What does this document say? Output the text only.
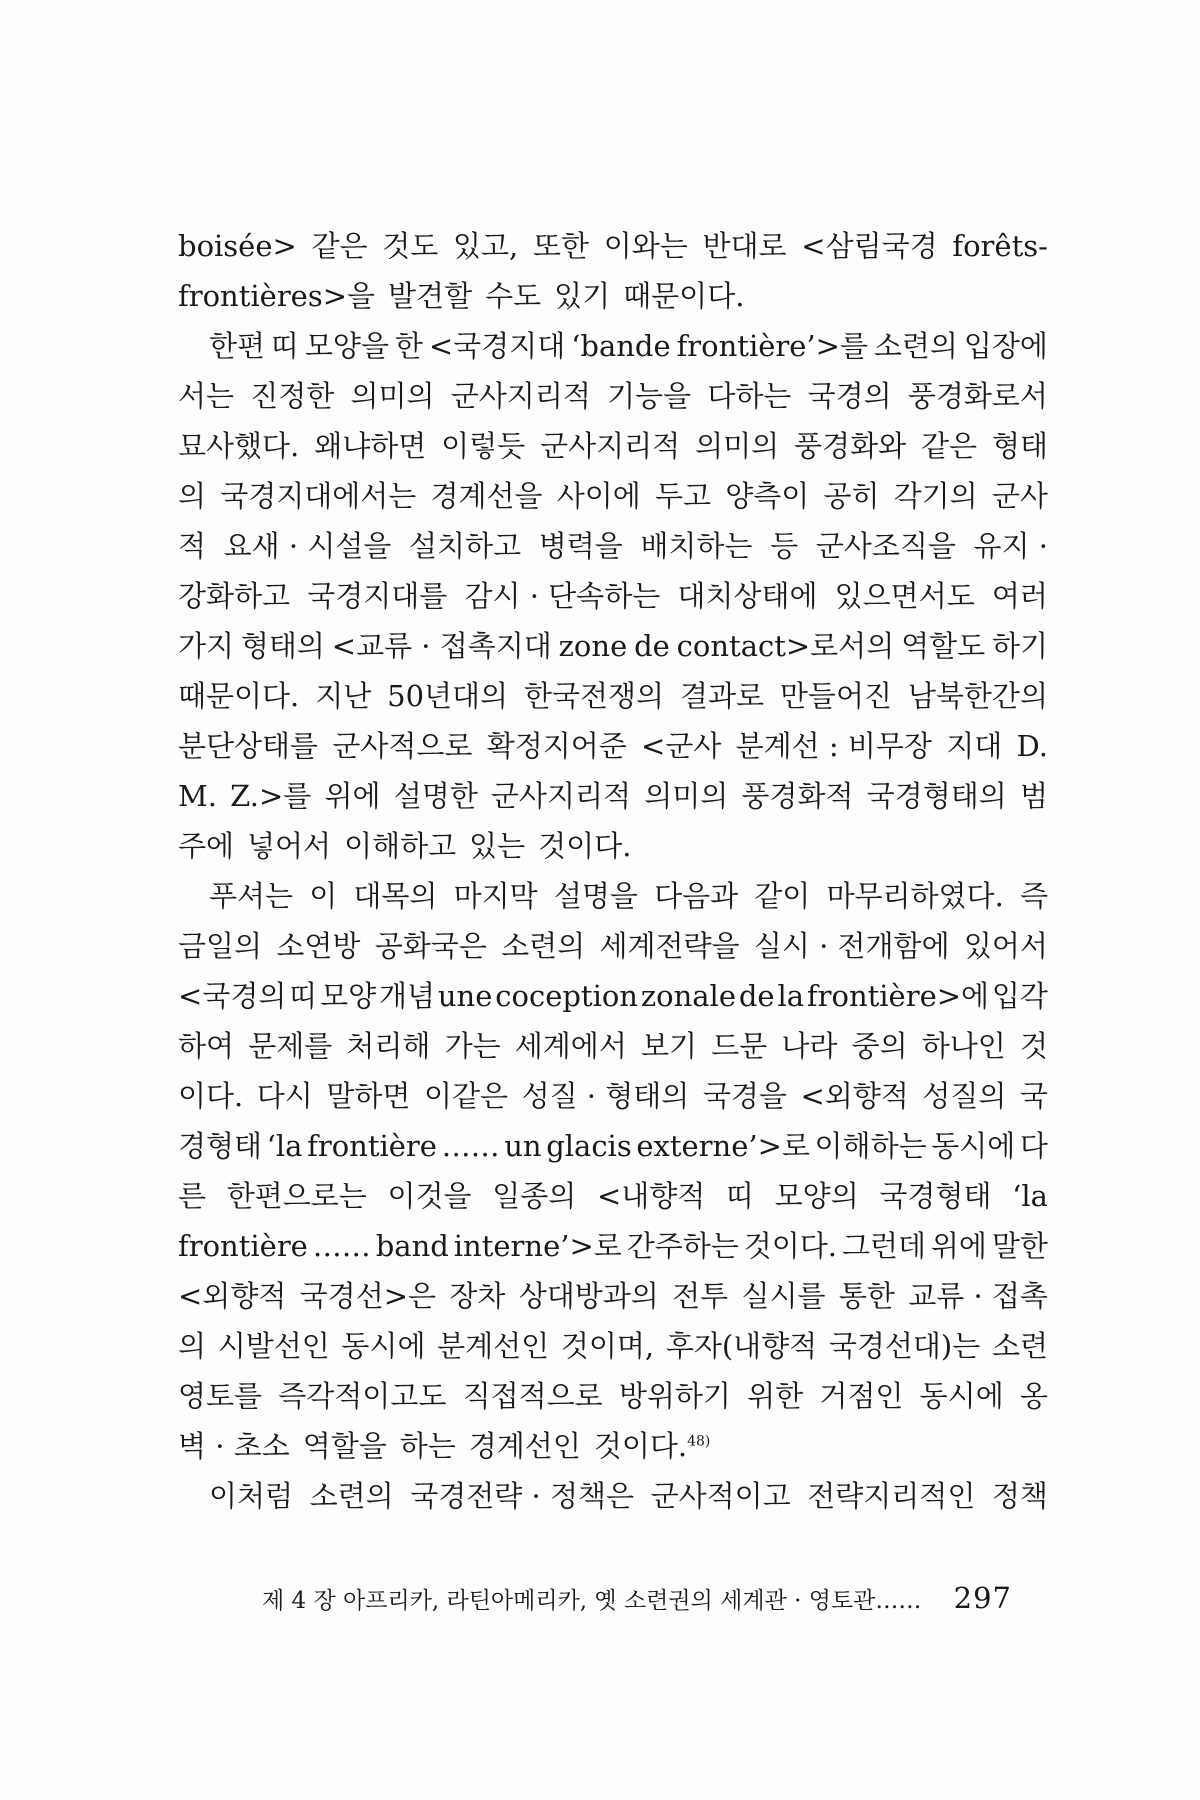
boisée> 같은 것도 있고, 또한 이와는 반대로 <삼림국경 forêts-
frontières>을 발견할 수도 있기 때문이다.
한편 띠 모양을 한 <국경지대 ‘bande frontière’>를 소련의 입장에
서는 진정한 의미의 군사지리적 기능을 다하는 국경의 풍경화로서
묘사했다. 왜냐하면 이렇듯 군사지리적 의미의 풍경화와 같은 형태
의 국경지대에서는 경계선을 사이에 두고 양측이 공히 각기의 군사
적 요새 · 시설을 설치하고 병력을 배치하는 등 군사조직을 유지 ·
강화하고 국경지대를 감시 · 단속하는 대치상태에 있으면서도 여러
가지 형태의 <교류 · 접촉지대 zone de contact>로서의 역할도 하기
때문이다. 지난 50년대의 한국전쟁의 결과로 만들어진 남북한간의
분단상태를 군사적으로 확정지어준 <군사 분계선 : 비무장 지대 D.
M. Z.>를 위에 설명한 군사지리적 의미의 풍경화적 국경형태의 범
주에 넣어서 이해하고 있는 것이다.
푸셔는 이 대목의 마지막 설명을 다음과 같이 마무리하였다. 즉
금일의 소연방 공화국은 소련의 세계전략을 실시 · 전개함에 있어서
<국경의 띠 모양 개념 une coception zonale de la frontière>에 입각
하여 문제를 처리해 가는 세계에서 보기 드문 나라 중의 하나인 것
이다. 다시 말하면 이같은 성질 · 형태의 국경을 <외향적 성질의 국
경형태 ‘la frontière …… un glacis externe’>로 이해하는 동시에 다
른 한편으로는 이것을 일종의 <내향적 띠 모양의 국경형태 ‘la
frontière …… band interne’>로 간주하는 것이다. 그런데 위에 말한
<외향적 국경선>은 장차 상대방과의 전투 실시를 통한 교류 · 접촉
의 시발선인 동시에 분계선인 것이며, 후자(내향적 국경선대)는 소련
영토를 즉각적이고도 직접적으로 방위하기 위한 거점인 동시에 옹
벽 · 초소 역할을 하는 경계선인 것이다.$^{48)}$
이처럼 소련의 국경전략 · 정책은 군사적이고 전략지리적인 정책
제 4 장 아프리카, 라틴아메리카, 옛 소련권의 세계관 · 영토관…… 297
